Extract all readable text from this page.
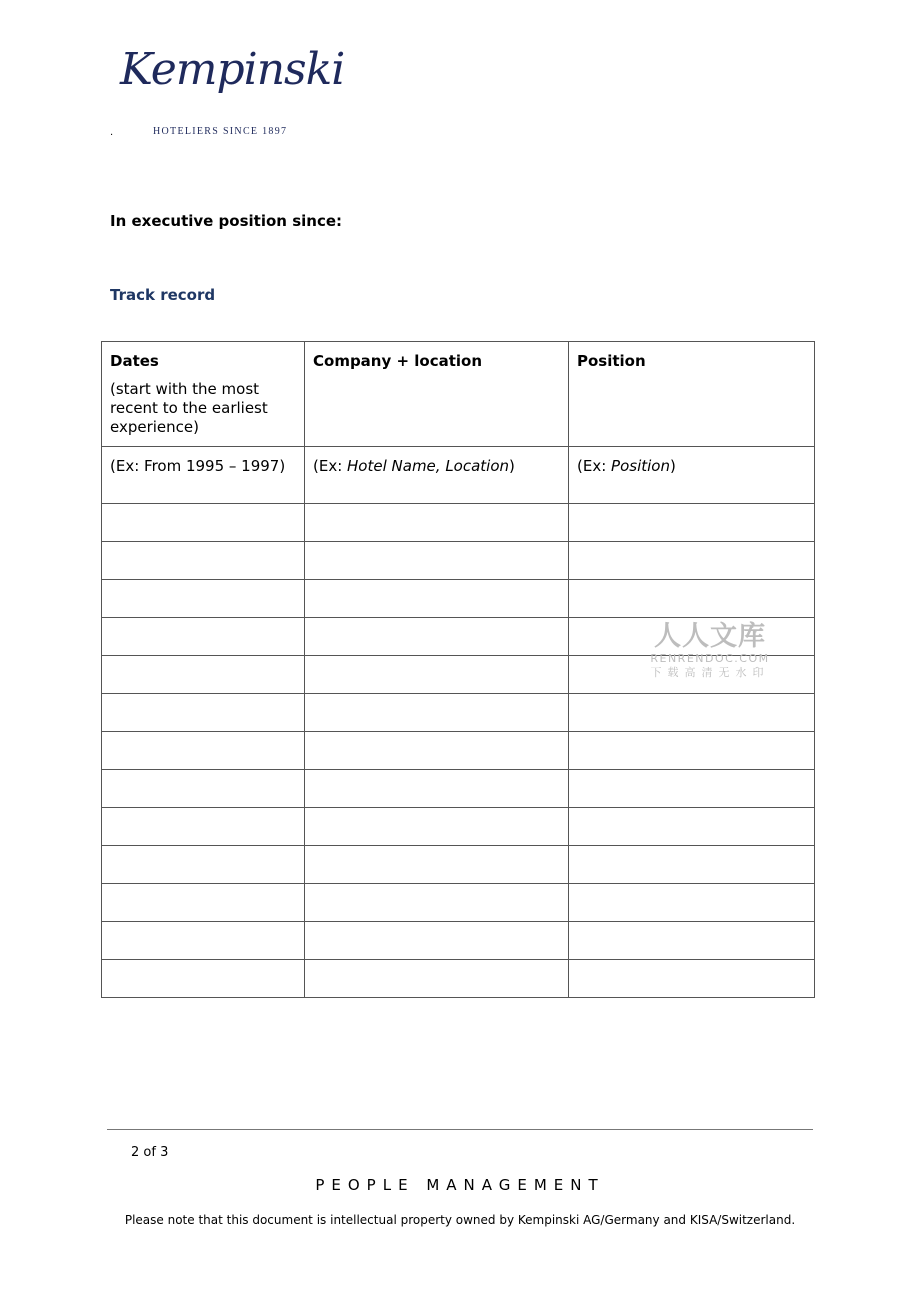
Kempinski
.	HOTELIERS SINCE 1897
In executive position since:
Track record
Dates
(start with the most recent to the earliest experience)	Company + location	Position

(Ex: From 1995 – 1997)	(Ex: Hotel Name, Location)	(Ex: Position)

人人文库
RENRENDOC.COM
下载高清无水印
2 of 3
PEOPLE MANAGEMENT
Please note that this document is intellectual property owned by Kempinski AG/Germany and KISA/Switzerland.
